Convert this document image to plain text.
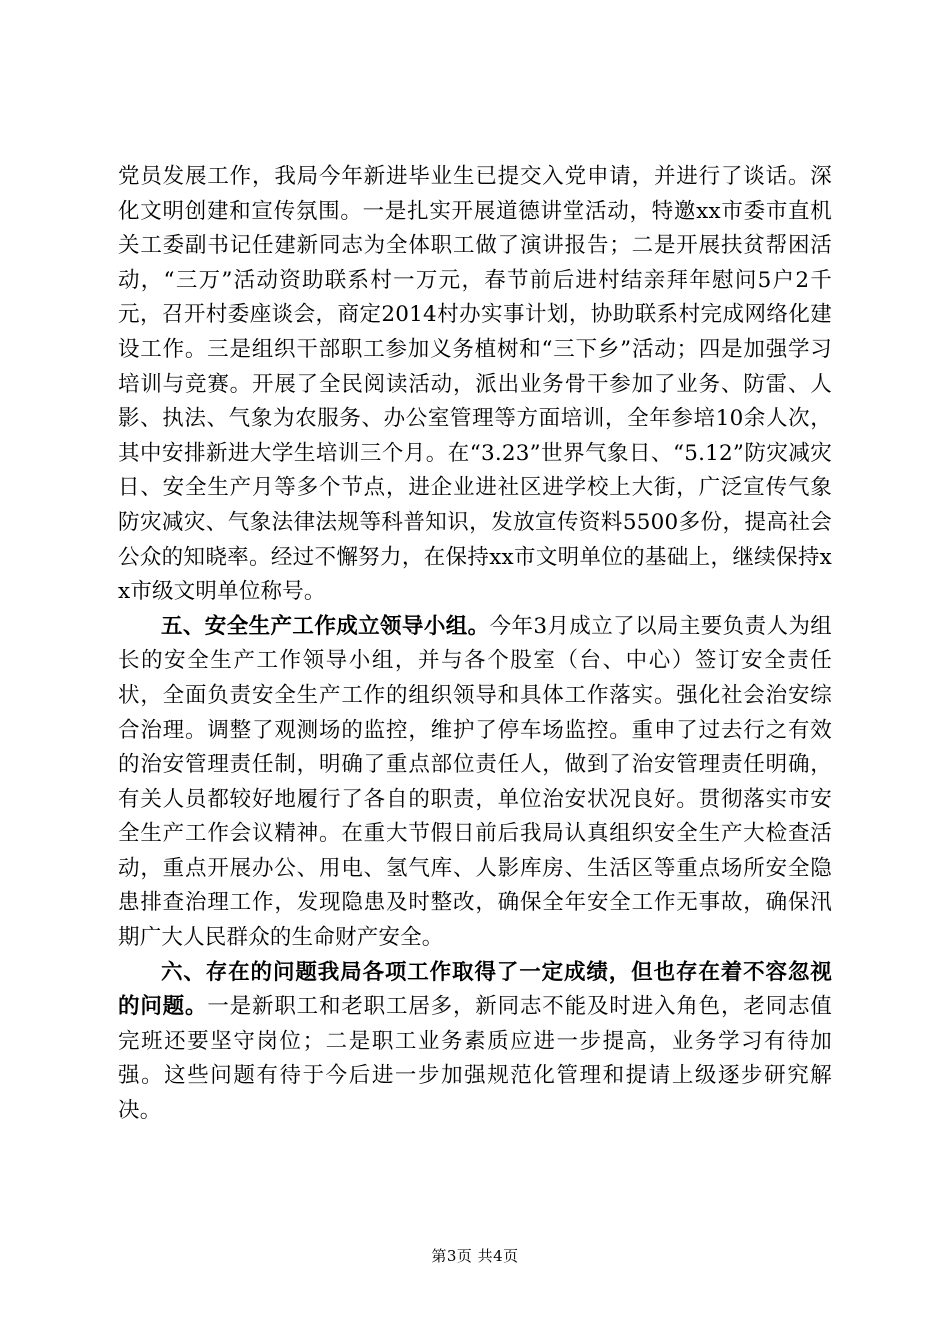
党员发展工作，我局今年新进毕业生已提交入党申请，并进行了谈话。深化文明创建和宣传氛围。一是扎实开展道德讲堂活动，特邀xx市委市直机关工委副书记任建新同志为全体职工做了演讲报告；二是开展扶贫帮困活动，“三万”活动资助联系村一万元，春节前后进村结亲拜年慰问5户2千元，召开村委座谈会，商定2014村办实事计划，协助联系村完成网络化建设工作。三是组织干部职工参加义务植树和“三下乡”活动；四是加强学习培训与竞赛。开展了全民阅读活动，派出业务骨干参加了业务、防雷、人影、执法、气象为农服务、办公室管理等方面培训，全年参培10余人次，其中安排新进大学生培训三个月。在“3.23”世界气象日、“5.12”防灾减灾日、安全生产月等多个节点，进企业进社区进学校上大街，广泛宣传气象防灾减灾、气象法律法规等科普知识，发放宣传资料5500多份，提高社会公众的知晓率。经过不懈努力，在保持xx市文明单位的基础上，继续保持xx市级文明单位称号。

五、安全生产工作成立领导小组。今年3月成立了以局主要负责人为组长的安全生产工作领导小组，并与各个股室（台、中心）签订安全责任状，全面负责安全生产工作的组织领导和具体工作落实。强化社会治安综合治理。调整了观测场的监控，维护了停车场监控。重申了过去行之有效的治安管理责任制，明确了重点部位责任人，做到了治安管理责任明确，有关人员都较好地履行了各自的职责，单位治安状况良好。贯彻落实市安全生产工作会议精神。在重大节假日前后我局认真组织安全生产大检查活动，重点开展办公、用电、氢气库、人影库房、生活区等重点场所安全隐患排查治理工作，发现隐患及时整改，确保全年安全工作无事故，确保汛期广大人民群众的生命财产安全。

六、存在的问题我局各项工作取得了一定成绩，但也存在着不容忽视的问题。一是新职工和老职工居多，新同志不能及时进入角色，老同志值完班还要坚守岗位；二是职工业务素质应进一步提高，业务学习有待加强。这些问题有待于今后进一步加强规范化管理和提请上级逐步研究解决。

第3页 共4页
